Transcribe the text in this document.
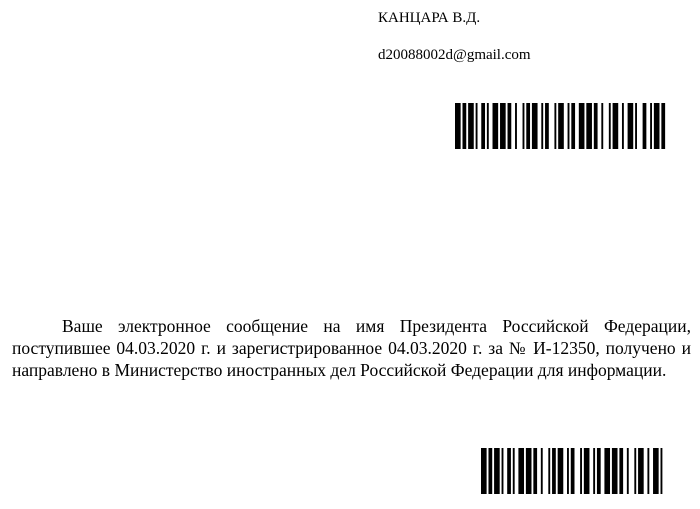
КАНЦАРА В.Д.
d20088002d@gmail.com

Ваше электронное сообщение на имя Президента Российской Федерации, поступившее 04.03.2020 г. и зарегистрированное 04.03.2020 г. за № И-12350, получено и направлено в Министерство иностранных дел Российской Федерации для информации.
